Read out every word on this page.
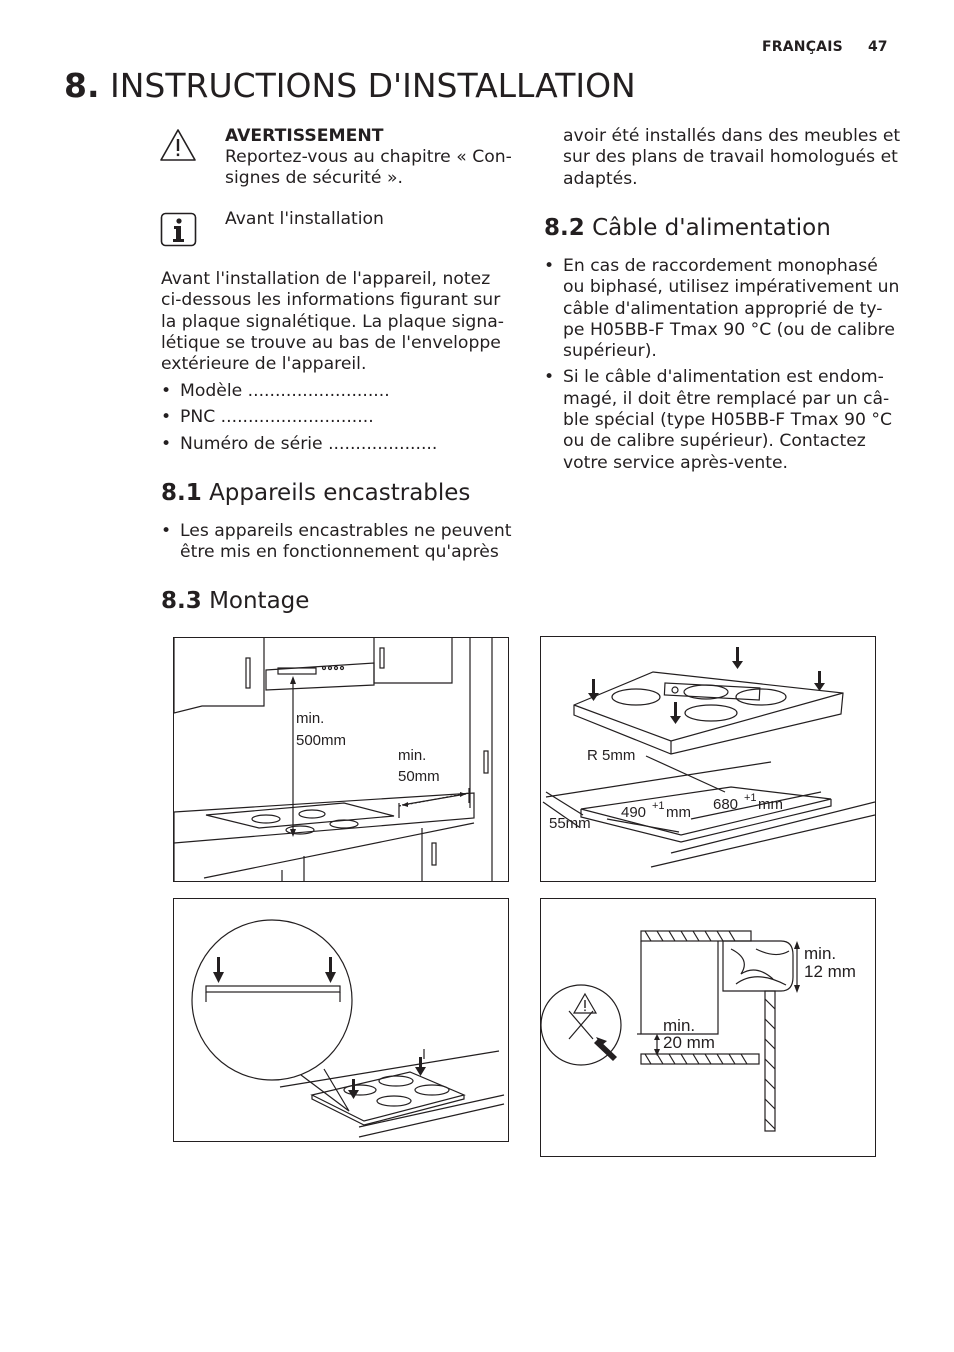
FRANÇAIS 47
8. INSTRUCTIONS D'INSTALLATION
AVERTISSEMENT
Reportez-vous au chapitre « Con-
signes de sécurité ».
Avant l'installation
Avant l'installation de l'appareil, notez
ci-dessous les informations figurant sur
la plaque signalétique. La plaque signa-
létique se trouve au bas de l'enveloppe
extérieure de l'appareil.
• Modèle ..........................
• PNC ............................
• Numéro de série ....................
8.1 Appareils encastrables
• Les appareils encastrables ne peuvent
être mis en fonctionnement qu'après
avoir été installés dans des meubles et
sur des plans de travail homologués et
adaptés.
8.2 Câble d'alimentation
• En cas de raccordement monophasé
ou biphasé, utilisez impérativement un
câble d'alimentation approprié de ty-
pe H05BB-F Tmax 90 °C (ou de calibre
supérieur).
• Si le câble d'alimentation est endom-
magé, il doit être remplacé par un câ-
ble spécial (type H05BB-F Tmax 90 °C
ou de calibre supérieur). Contactez
votre service après-vente.
8.3 Montage
min.
500mm
min.
50mm
R 5mm
490 +1 mm 680 +1 mm
55mm
min.
12 mm
min.
20 mm
